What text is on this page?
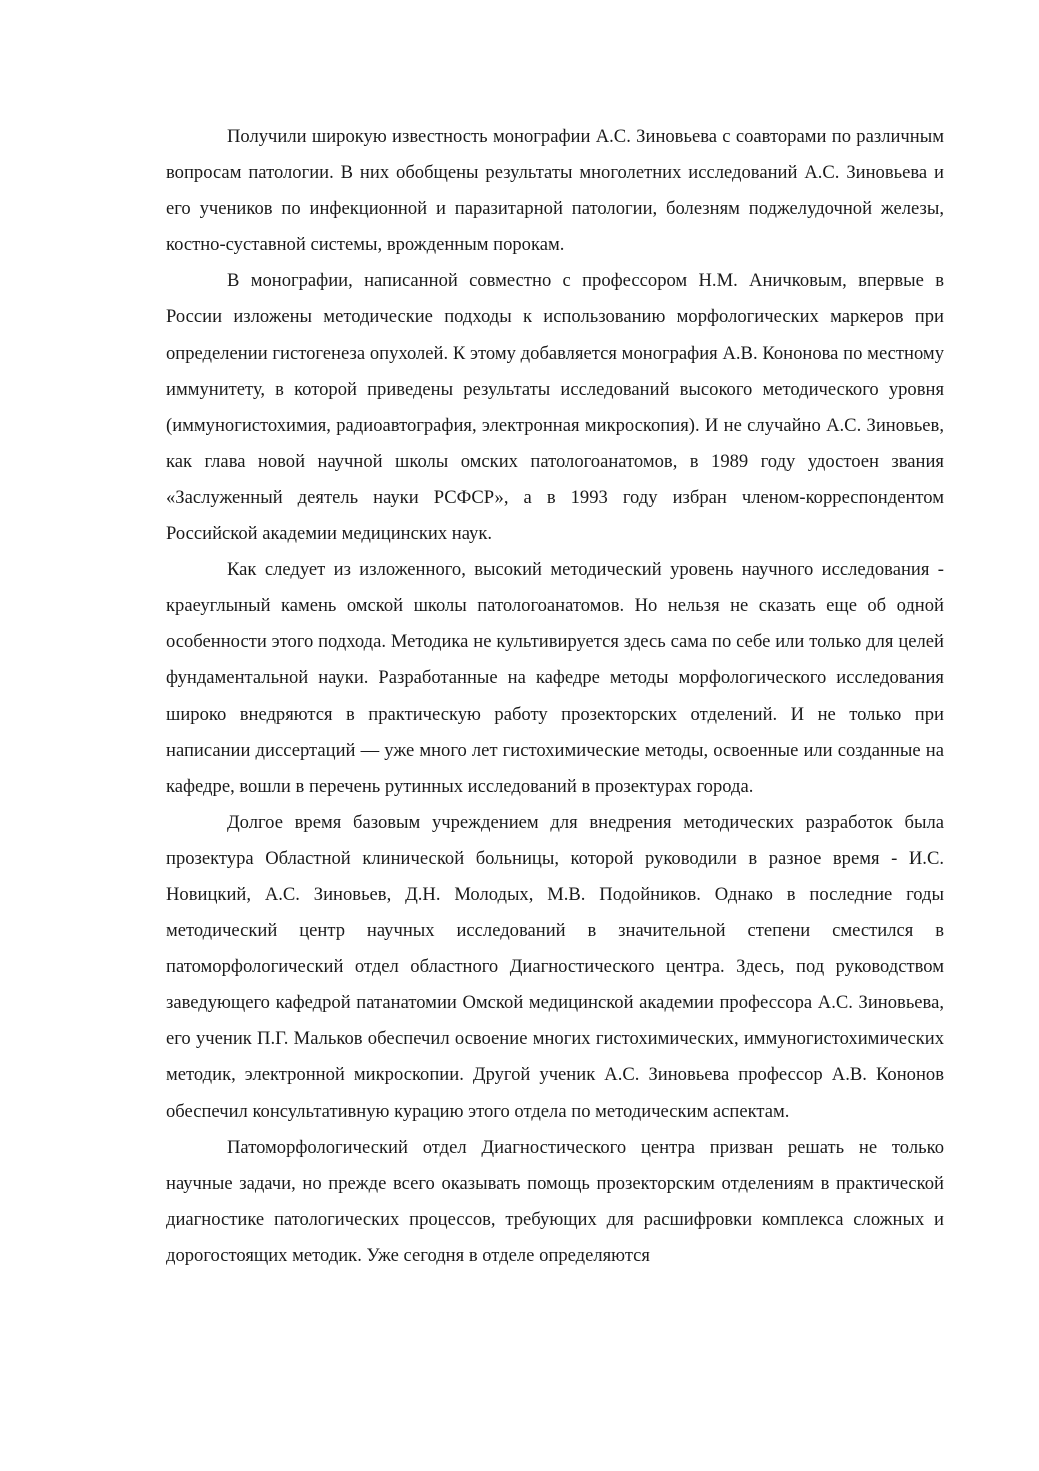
Получили широкую известность монографии А.С. Зиновьева с соавторами по различным вопросам патологии. В них обобщены результаты многолетних исследований А.С. Зиновьева и его учеников по инфекционной и паразитарной патологии, болезням поджелудочной железы, костно-суставной системы, врожденным порокам.

В монографии, написанной совместно с профессором Н.М. Аничковым, впервые в России изложены методические подходы к использованию морфологических маркеров при определении гистогенеза опухолей. К этому добавляется монография А.В. Кононова по местному иммунитету, в которой приведены результаты исследований высокого методического уровня (иммуногистохимия, радиоавтография, электронная микроскопия). И не случайно А.С. Зиновьев, как глава новой научной школы омских патологоанатомов, в 1989 году удостоен звания «Заслуженный деятель науки РСФСР», а в 1993 году избран членом-корреспондентом Российской академии медицинских наук.

Как следует из изложенного, высокий методический уровень научного исследования - краеуглыный камень омской школы патологоанатомов. Но нельзя не сказать еще об одной особенности этого подхода. Методика не культивируется здесь сама по себе или только для целей фундаментальной науки. Разработанные на кафедре методы морфологического исследования широко внедряются в практическую работу прозекторских отделений. И не только при написании диссертаций — уже много лет гистохимические методы, освоенные или созданные на кафедре, вошли в перечень рутинных исследований в прозектурах города.

Долгое время базовым учреждением для внедрения методических разработок была прозектура Областной клинической больницы, которой руководили в разное время - И.С. Новицкий, А.С. Зиновьев, Д.Н. Молодых, М.В. Подойников. Однако в последние годы методический центр научных исследований в значительной степени сместился в патоморфологический отдел областного Диагностического центра. Здесь, под руководством заведующего кафедрой патанатомии Омской медицинской академии профессора А.С. Зиновьева, его ученик П.Г. Мальков обеспечил освоение многих гистохимических, иммуногистохимических методик, электронной микроскопии. Другой ученик А.С. Зиновьева профессор А.В. Кононов обеспечил консультативную курацию этого отдела по методическим аспектам.

Патоморфологический отдел Диагностического центра призван решать не только научные задачи, но прежде всего оказывать помощь прозекторским отделениям в практической диагностике патологических процессов, требующих для расшифровки комплекса сложных и дорогостоящих методик. Уже сегодня в отделе определяются
